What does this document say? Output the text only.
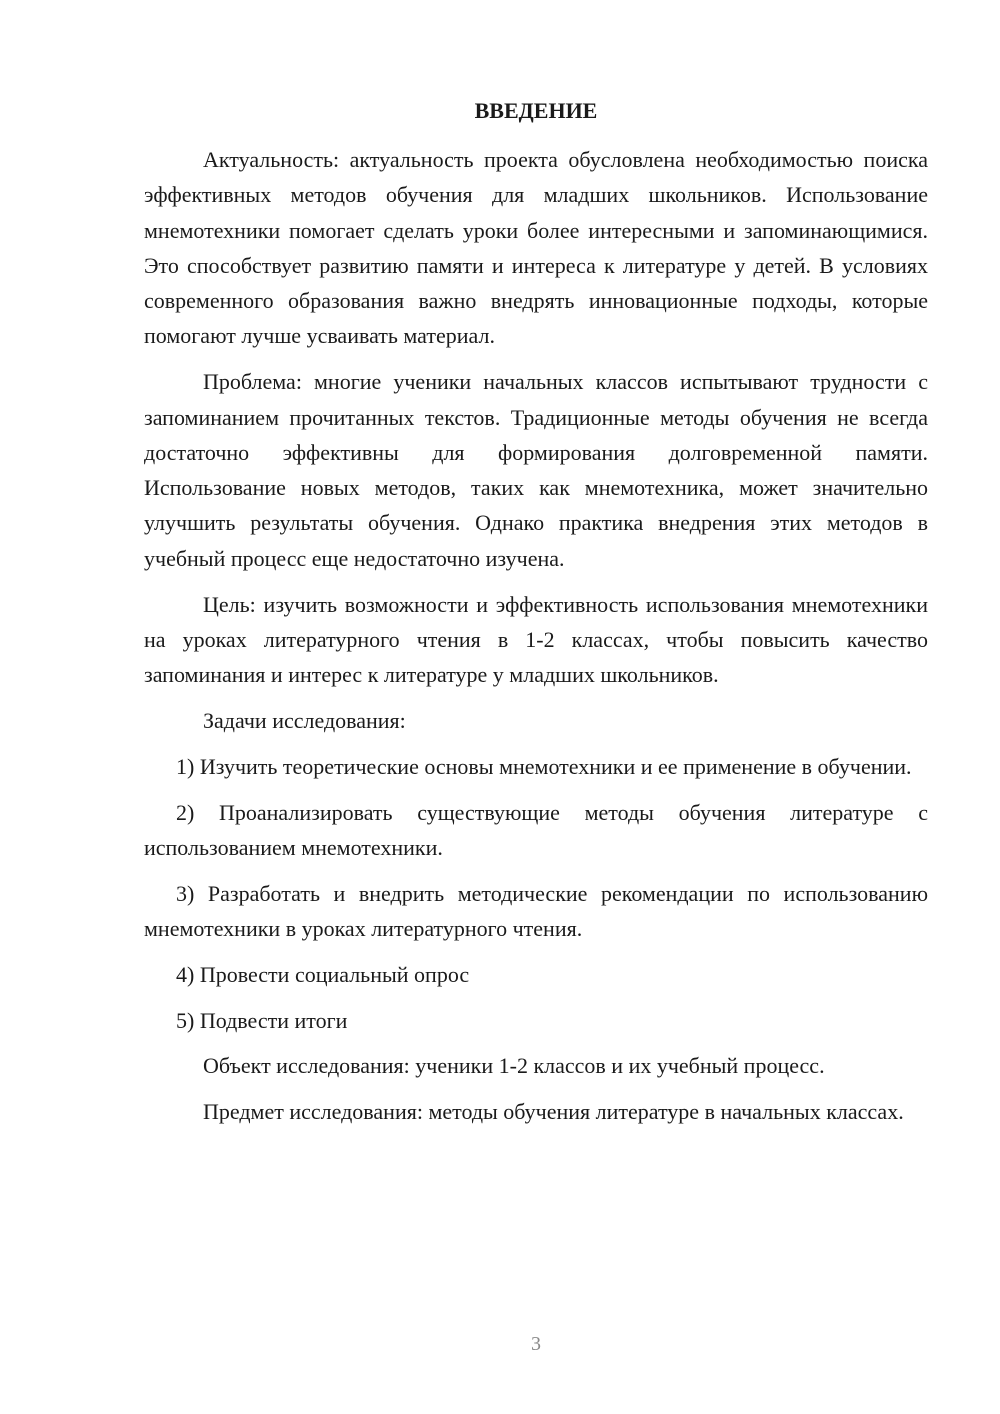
ВВЕДЕНИЕ

Актуальность: актуальность проекта обусловлена необходимостью поиска эффективных методов обучения для младших школьников. Использование мнемотехники помогает сделать уроки более интересными и запоминающимися. Это способствует развитию памяти и интереса к литературе у детей. В условиях современного образования важно внедрять инновационные подходы, которые помогают лучше усваивать материал.

Проблема: многие ученики начальных классов испытывают трудности с запоминанием прочитанных текстов. Традиционные методы обучения не всегда достаточно эффективны для формирования долговременной памяти. Использование новых методов, таких как мнемотехника, может значительно улучшить результаты обучения. Однако практика внедрения этих методов в учебный процесс еще недостаточно изучена.

Цель: изучить возможности и эффективность использования мнемотехники на уроках литературного чтения в 1-2 классах, чтобы повысить качество запоминания и интерес к литературе у младших школьников.

Задачи исследования:

1) Изучить теоретические основы мнемотехники и ее применение в обучении.

2) Проанализировать существующие методы обучения литературе с использованием мнемотехники.

3) Разработать и внедрить методические рекомендации по использованию мнемотехники в уроках литературного чтения.

4) Провести социальный опрос

5) Подвести итоги

Объект исследования: ученики 1-2 классов и их учебный процесс.

Предмет исследования: методы обучения литературе в начальных классах.

3
